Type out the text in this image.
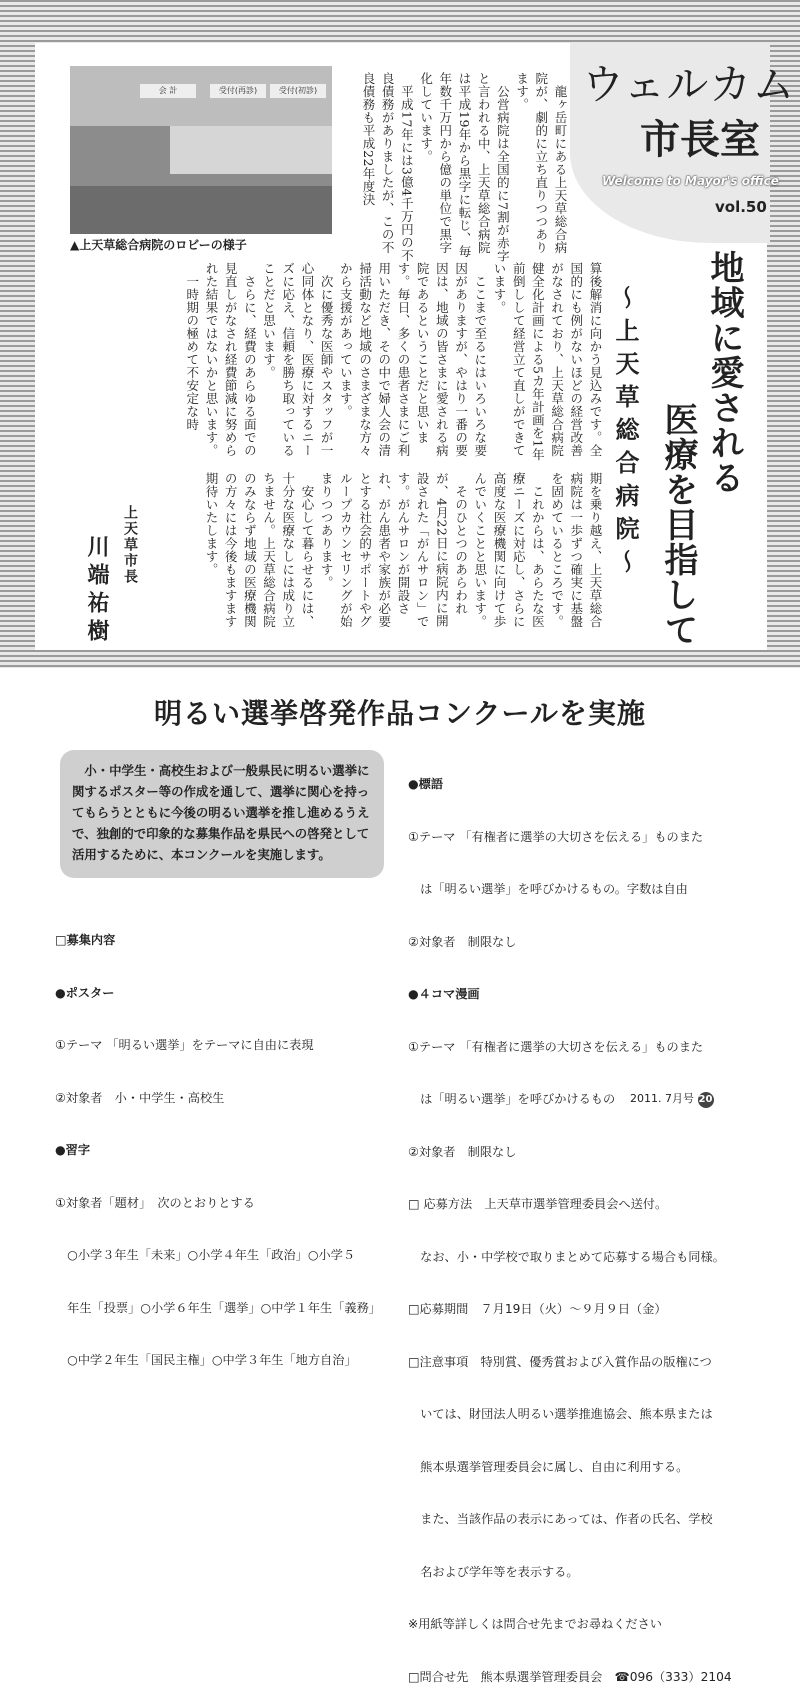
会 計	受付(再診)	受付(初診)
▲上天草総合病院のロビーの様子
ウェルカム
市長室
Welcome to Mayor's office
vol.50
地域に愛される
医療を目指して
～上天草総合病院～

龍ヶ岳町にある上天草総合病院が、劇的に立ち直りつつあります。

公営病院は全国的に7割が赤字と言われる中、上天草総合病院は平成19年から黒字に転じ、毎年数千万円から億の単位で黒字化しています。

平成17年には3億4千万円の不良債務がありましたが、この不良債務も平成22年度決

算後解消に向かう見込みです。全国的にも例がないほどの経営改善がなされており、上天草総合病院健全化計画による5カ年計画を1年前倒しして経営立て直しができています。

ここまで至るにはいろいろな要因がありますが、やはり一番の要因は、地域の皆さまに愛される病院であるということだと思います。毎日、多くの患者さまにご利用いただき、その中で婦人会の清掃活動など地域のさまざまな方々から支援があっています。

次に優秀な医師やスタッフが一心同体となり、医療に対するニーズに応え、信頼を勝ち取っていることだと思います。

さらに、経費のあらゆる面での見直しがなされ経費節減に努められた結果ではないかと思います。

一時期の極めて不安定な時

期を乗り越え、上天草総合病院は一歩ずつ確実に基盤を固めているところです。

これからは、あらたな医療ニーズに対応し、さらに高度な医療機関に向けて歩んでいくことと思います。

そのひとつのあらわれが、4月22日に病院内に開設された「がんサロン」です。がんサロンが開設され、がん患者や家族が必要とする社会的サポートやグループカウンセリングが始まりつつあります。

安心して暮らせるには、十分な医療なしには成り立ちません。上天草総合病院のみならず地域の医療機関の方々には今後もますます期待いたします。

上天草市長
川端祐樹
明るい選挙啓発作品コンクールを実施
小・中学生・高校生および一般県民に明るい選挙に関するポスター等の作成を通して、選挙に関心を持ってもらうとともに今後の明るい選挙を推し進めるうえで、独創的で印象的な募集作品を県民への啓発として活用するために、本コンクールを実施します。

□募集内容

●ポスター

①テーマ 「明るい選挙」をテーマに自由に表現

②対象者　小・中学生・高校生

●習字

①対象者「題材」　次のとおりとする

　○小学３年生「未来」○小学４年生「政治」○小学５

　年生「投票」○小学６年生「選挙」○中学１年生「義務」

　○中学２年生「国民主権」○中学３年生「地方自治」

●標語

①テーマ 「有権者に選挙の大切さを伝える」ものまた

　は「明るい選挙」を呼びかけるもの。字数は自由

②対象者　制限なし

●４コマ漫画

①テーマ 「有権者に選挙の大切さを伝える」ものまた

　は「明るい選挙」を呼びかけるもの

②対象者　制限なし

□ 応募方法　上天草市選挙管理委員会へ送付。

　なお、小・中学校で取りまとめて応募する場合も同様。

□応募期間　７月19日（火）～９月９日（金）

□注意事項　特別賞、優秀賞および入賞作品の版権につ

　いては、財団法人明るい選挙推進協会、熊本県または

　熊本県選挙管理委員会に属し、自由に利用する。

　また、当該作品の表示にあっては、作者の氏名、学校

　名および学年等を表示する。

※用紙等詳しくは問合せ先までお尋ねください

□問合せ先　熊本県選挙管理委員会　☎096（333）2104

2011. 7月号 20
